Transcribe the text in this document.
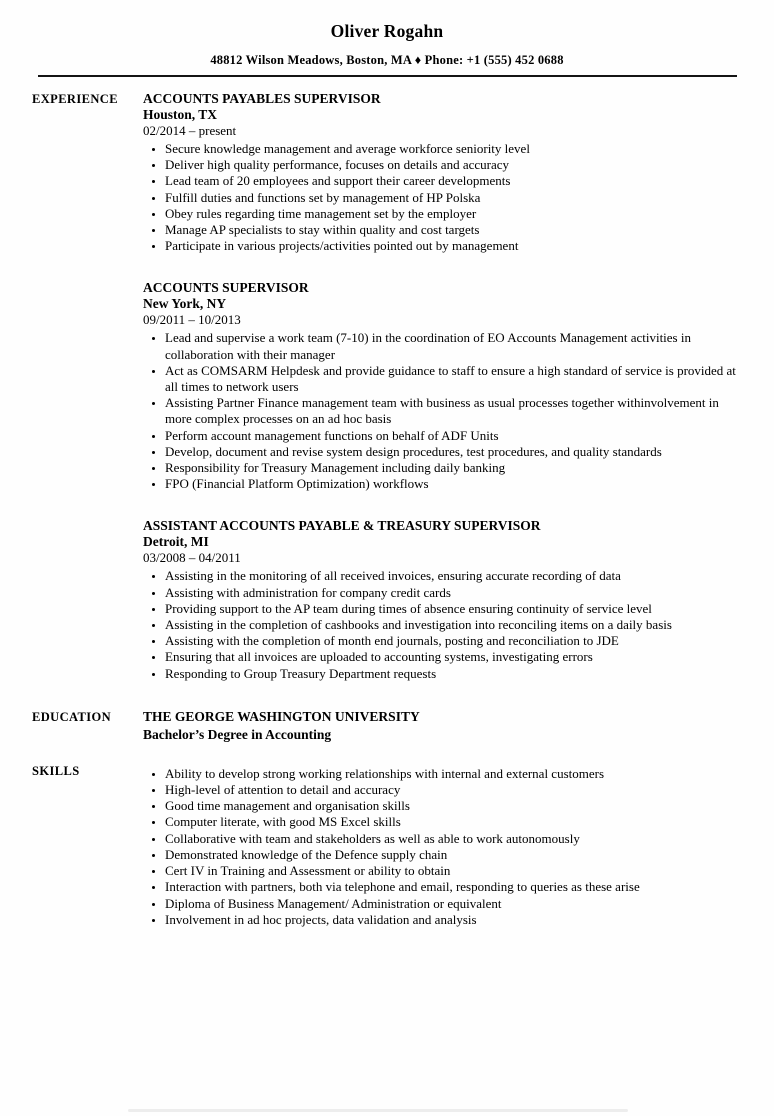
Oliver Rogahn
48812 Wilson Meadows, Boston, MA ♦ Phone: +1 (555) 452 0688
EXPERIENCE	ACCOUNTS PAYABLES SUPERVISOR
Houston, TX
02/2014 – present
• Secure knowledge management and average workforce seniority level
• Deliver high quality performance, focuses on details and accuracy
• Lead team of 20 employees and support their career developments
• Fulfill duties and functions set by management of HP Polska
• Obey rules regarding time management set by the employer
• Manage AP specialists to stay within quality and cost targets
• Participate in various projects/activities pointed out by management
ACCOUNTS SUPERVISOR
New York, NY
09/2011 – 10/2013
• Lead and supervise a work team (7-10) in the coordination of EO Accounts Management activities in collaboration with their manager
• Act as COMSARM Helpdesk and provide guidance to staff to ensure a high standard of service is provided at all times to network users
• Assisting Partner Finance management team with business as usual processes together withinvolvement in more complex processes on an ad hoc basis
• Perform account management functions on behalf of ADF Units
• Develop, document and revise system design procedures, test procedures, and quality standards
• Responsibility for Treasury Management including daily banking
• FPO (Financial Platform Optimization) workflows
ASSISTANT ACCOUNTS PAYABLE & TREASURY SUPERVISOR
Detroit, MI
03/2008 – 04/2011
• Assisting in the monitoring of all received invoices, ensuring accurate recording of data
• Assisting with administration for company credit cards
• Providing support to the AP team during times of absence ensuring continuity of service level
• Assisting in the completion of cashbooks and investigation into reconciling items on a daily basis
• Assisting with the completion of month end journals, posting and reconciliation to JDE
• Ensuring that all invoices are uploaded to accounting systems, investigating errors
• Responding to Group Treasury Department requests
EDUCATION	THE GEORGE WASHINGTON UNIVERSITY
Bachelor’s Degree in Accounting
SKILLS	• Ability to develop strong working relationships with internal and external customers
• High-level of attention to detail and accuracy
• Good time management and organisation skills
• Computer literate, with good MS Excel skills
• Collaborative with team and stakeholders as well as able to work autonomously
• Demonstrated knowledge of the Defence supply chain
• Cert IV in Training and Assessment or ability to obtain
• Interaction with partners, both via telephone and email, responding to queries as these arise
• Diploma of Business Management/ Administration or equivalent
• Involvement in ad hoc projects, data validation and analysis
